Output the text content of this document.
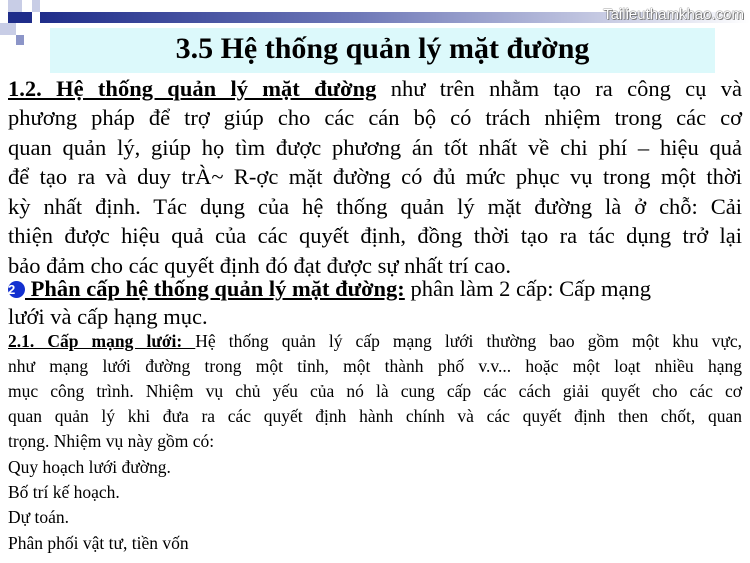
Tailieuthamkhao.com
3.5 Hệ thống quản lý mặt đường
1.2. Hệ thống quản lý mặt đường như trên nhằm tạo ra công cụ và
phương pháp để trợ giúp cho các cán bộ có trách nhiệm trong các cơ
quan quản lý, giúp họ tìm được phương án tốt nhất về chi phí – hiệu quả
để tạo ra và duy trÀ~ R-ợc mặt đường có đủ mức phục vụ trong một thời
kỳ nhất định. Tác dụng của hệ thống quản lý mặt đường là ở chỗ: Cải
thiện được hiệu quả của các quyết định, đồng thời tạo ra tác dụng trở lại
bảo đảm cho các quyết định đó đạt được sự nhất trí cao.
2 Phân cấp hệ thống quản lý mặt đường: phân làm 2 cấp: Cấp mạng
lưới và cấp hạng mục.
2.1. Cấp mạng lưới: Hệ thống quản lý cấp mạng lưới thường bao gồm một khu vực,
như mạng lưới đường trong một tỉnh, một thành phố v.v... hoặc một loạt nhiều hạng
mục công trình. Nhiệm vụ chủ yếu của nó là cung cấp các cách giải quyết cho các cơ
quan quản lý khi đưa ra các quyết định hành chính và các quyết định then chốt, quan
trọng. Nhiệm vụ này gồm có:
Quy hoạch lưới đường.
Bố trí kế hoạch.
Dự toán.
Phân phối vật tư, tiền vốn
